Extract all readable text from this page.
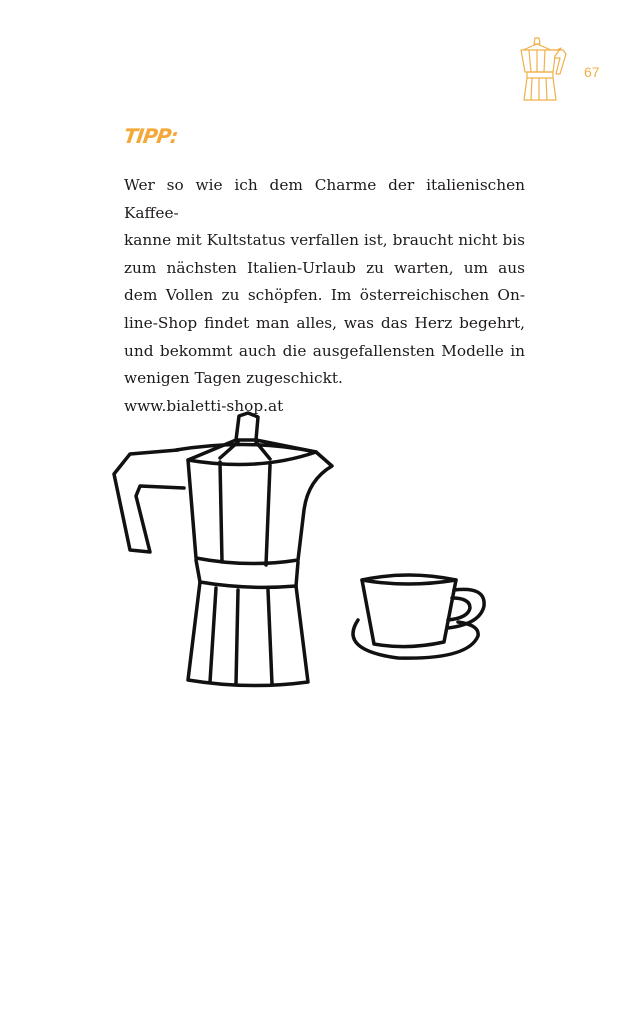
67
TIPP:

Wer so wie ich dem Charme der italienischen Kaffee-

kanne mit Kultstatus verfallen ist, braucht nicht bis

zum nächsten Italien-Urlaub zu warten, um aus

dem Vollen zu schöpfen. Im österreichischen On-

line-Shop findet man alles, was das Herz begehrt,

und bekommt auch die ausgefallensten Modelle in

wenigen Tagen zugeschickt.

www.bialetti-shop.at
